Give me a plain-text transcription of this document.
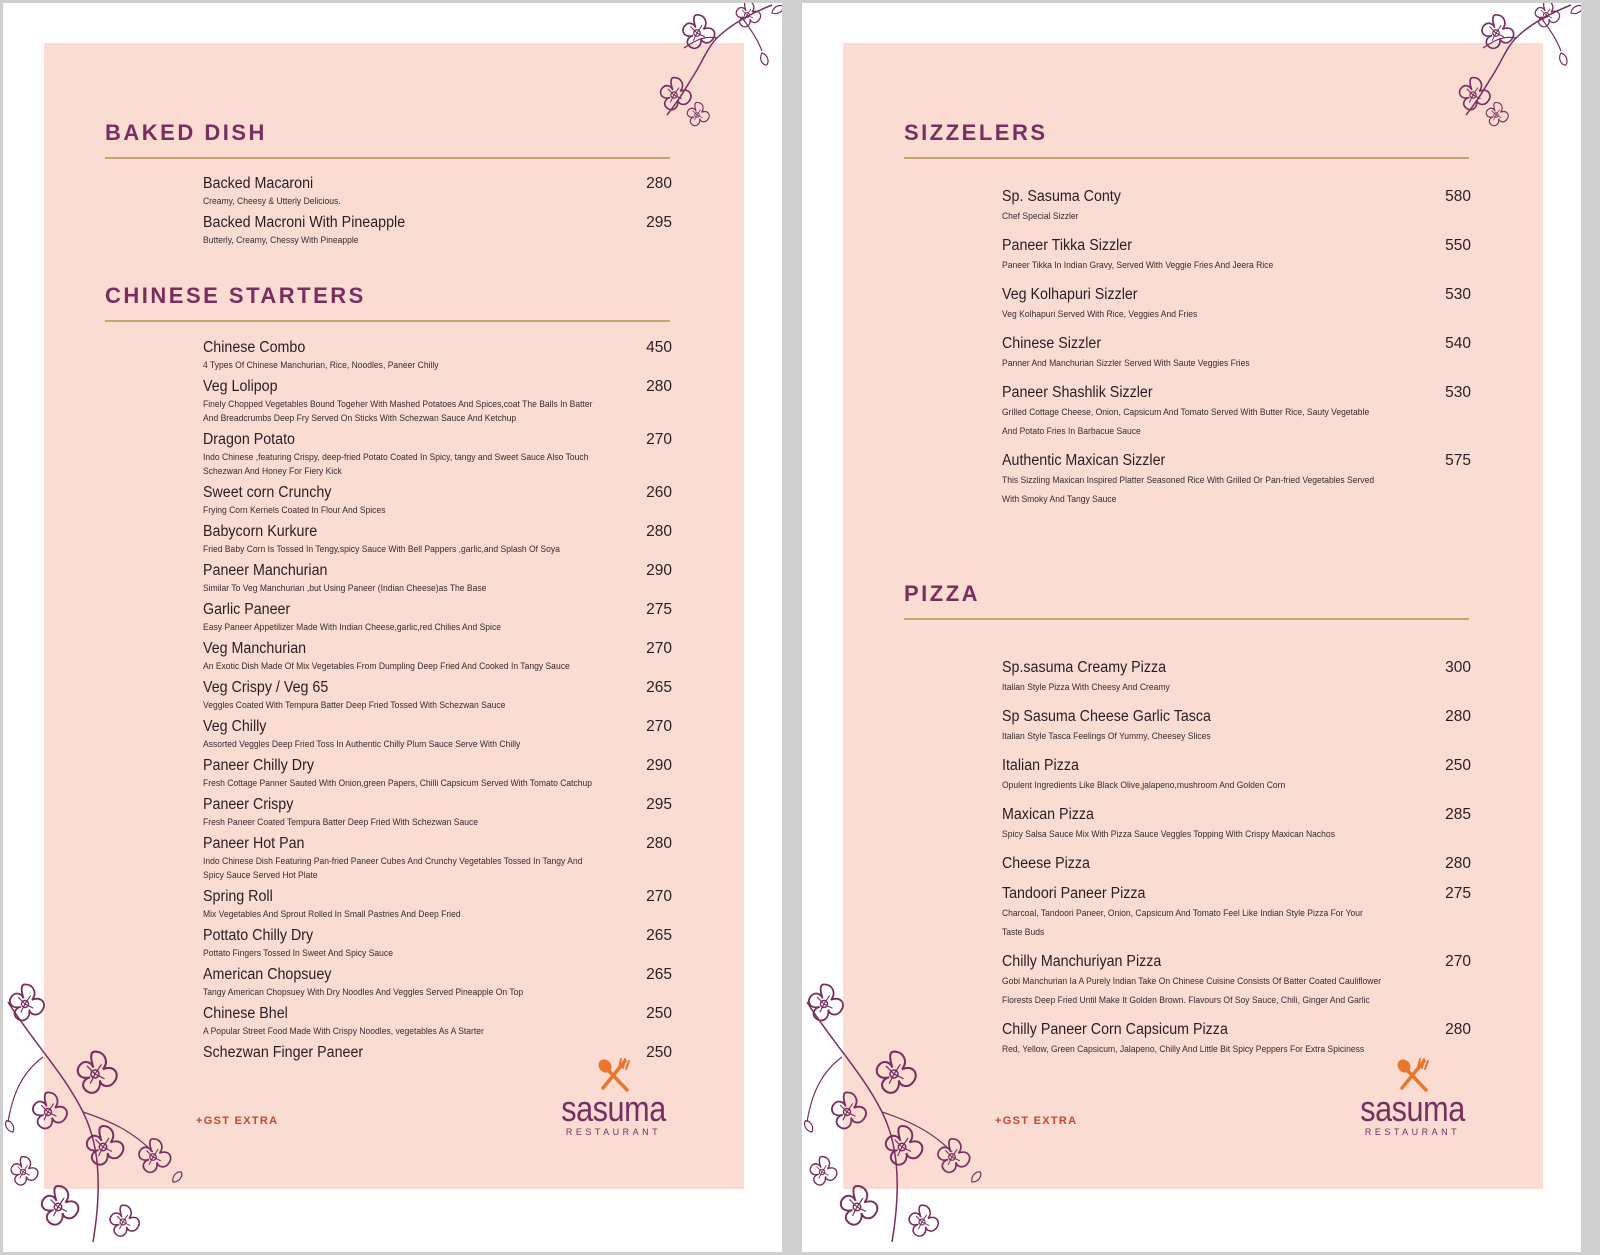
BAKED DISH
Backed Macaroni	280
Creamy, Cheesy & Utterly Delicious.
Backed Macroni With Pineapple	295
Butterly, Creamy, Chessy With Pineapple
CHINESE STARTERS
Chinese Combo	450
4 Types Of Chinese Manchurian, Rice, Noodles, Paneer Chilly
Veg Lolipop	280
Finely Chopped Vegetables Bound Togeher With Mashed Potatoes And Spices,coat The Balls In Batter And Breadcrumbs Deep Fry Served On Sticks With Schezwan Sauce And Ketchup
Dragon Potato	270
Indo Chinese ,featuring Crispy, deep-fried Potato Coated In Spicy, tangy and Sweet Sauce Also Touch Schezwan And Honey For Fiery Kick
Sweet corn Crunchy	260
Frying Corn Kernels Coated In Flour And Spices
Babycorn Kurkure	280
Fried Baby Corn Is Tossed In Tengy,spicy Sauce With Bell Pappers ,garlic,and Splash Of Soya
Paneer Manchurian	290
Similar To Veg Manchurian ,but Using Paneer (Indian Cheese)as The Base
Garlic Paneer	275
Easy Paneer Appetilizer Made With Indian Cheese,garlic,red Chilies And Spice
Veg Manchurian	270
An Exotic Dish Made Of Mix Vegetables From Dumpling Deep Fried And Cooked In Tangy Sauce
Veg Crispy / Veg 65	265
Veggles Coated With Tempura Batter Deep Fried Tossed With Schezwan Sauce
Veg Chilly	270
Assorted Veggles Deep Fried Toss In Authentic Chilly Plum Sauce Serve With Chilly
Paneer Chilly Dry	290
Fresh Cottage Panner Sauted With Onion,green Papers, Chilli Capsicum Served With Tomato Catchup
Paneer Crispy	295
Fresh Paneer Coated Tempura Batter Deep Fried With Schezwan Sauce
Paneer Hot Pan	280
Indo Chinese Dish Featuring Pan-fried Paneer Cubes And Crunchy Vegetables Tossed In Tangy And Spicy Sauce Served Hot Plate
Spring Roll	270
Mix Vegetables And Sprout Rolled In Small Pastries And Deep Fried
Pottato Chilly Dry	265
Pottato Fingers Tossed In Sweet And Spicy Sauce
American Chopsuey	265
Tangy American Chopsuey With Dry Noodles And Veggles Served Pineapple On Top
Chinese Bhel	250
A Popular Street Food Made With Crispy Noodles, vegetables As A Starter
Schezwan Finger Paneer	250
+GST EXTRA	sasuma
RESTAURANT
SIZZELERS
Sp. Sasuma Conty	580
Chef Special Sizzler
Paneer Tikka Sizzler	550
Paneer Tikka In Indian Gravy, Served With Veggie Fries And Jeera Rice
Veg Kolhapuri Sizzler	530
Veg Kolhapuri Served With Rice, Veggies And Fries
Chinese Sizzler	540
Panner And Manchurian Sizzler Served With Saute Veggies Fries
Paneer Shashlik Sizzler	530
Grilled Cottage Cheese, Onion, Capsicum And Tomato Served With Butter Rice, Sauty Vegetable And Potato Fries In Barbacue Sauce
Authentic Maxican Sizzler	575
This Sizzling Maxican Inspired Platter Seasoned Rice With Grilled Or Pan-fried Vegetables Served With Smoky And Tangy Sauce
PIZZA
Sp.sasuma Creamy Pizza	300
Italian Style Pizza With Cheesy And Creamy
Sp Sasuma Cheese Garlic Tasca	280
Italian Style Tasca Feelings Of Yummy, Cheesey Slices
Italian Pizza	250
Opulent Ingredients Like Black Olive,jalapeno,mushroom And Golden Corn
Maxican Pizza	285
Spicy Salsa Sauce Mix With Pizza Sauce Veggles Topping With Crispy Maxican Nachos
Cheese Pizza	280
Tandoori Paneer Pizza	275
Charcoal, Tandoori Paneer, Onion, Capsicum And Tomato Feel Like Indian Style Pizza For Your Taste Buds
Chilly Manchuriyan Pizza	270
Gobi Manchurian Ia A Purely Indian Take On Chinese Cuisine Consists Of Batter Coated Cauliflower Florests Deep Fried Until Make It Golden Brown. Flavours Of Soy Sauce, Chili, Ginger And Garlic
Chilly Paneer Corn Capsicum Pizza	280
Red, Yellow, Green Capsicum, Jalapeno, Chilly And Little Bit Spicy Peppers For Extra Spiciness
+GST EXTRA	sasuma
RESTAURANT
